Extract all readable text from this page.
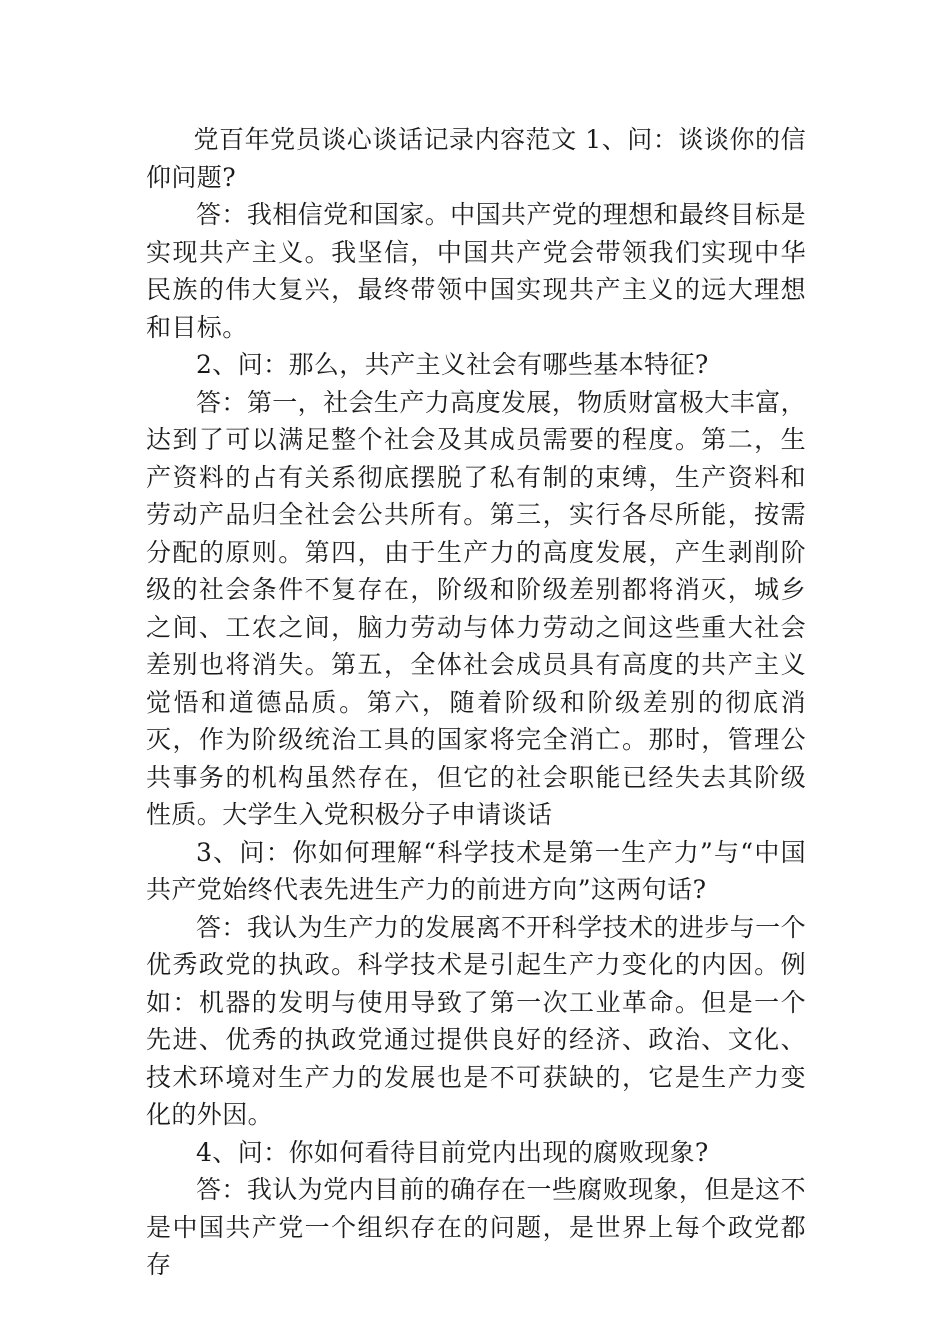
党百年党员谈心谈话记录内容范文 1、问：谈谈你的信仰问题?

答：我相信党和国家。中国共产党的理想和最终目标是实现共产主义。我坚信，中国共产党会带领我们实现中华民族的伟大复兴，最终带领中国实现共产主义的远大理想和目标。

2、问：那么，共产主义社会有哪些基本特征?

答：第一，社会生产力高度发展，物质财富极大丰富，达到了可以满足整个社会及其成员需要的程度。第二，生产资料的占有关系彻底摆脱了私有制的束缚，生产资料和劳动产品归全社会公共所有。第三，实行各尽所能，按需分配的原则。第四，由于生产力的高度发展，产生剥削阶级的社会条件不复存在，阶级和阶级差别都将消灭，城乡之间、工农之间，脑力劳动与体力劳动之间这些重大社会差别也将消失。第五，全体社会成员具有高度的共产主义觉悟和道德品质。第六，随着阶级和阶级差别的彻底消灭，作为阶级统治工具的国家将完全消亡。那时，管理公共事务的机构虽然存在，但它的社会职能已经失去其阶级性质。大学生入党积极分子申请谈话

3、问：你如何理解“科学技术是第一生产力”与“中国共产党始终代表先进生产力的前进方向”这两句话?

答：我认为生产力的发展离不开科学技术的进步与一个优秀政党的执政。科学技术是引起生产力变化的内因。例如：机器的发明与使用导致了第一次工业革命。但是一个先进、优秀的执政党通过提供良好的经济、政治、文化、技术环境对生产力的发展也是不可获缺的，它是生产力变化的外因。

4、问：你如何看待目前党内出现的腐败现象?

答：我认为党内目前的确存在一些腐败现象，但是这不是中国共产党一个组织存在的问题，是世界上每个政党都存
